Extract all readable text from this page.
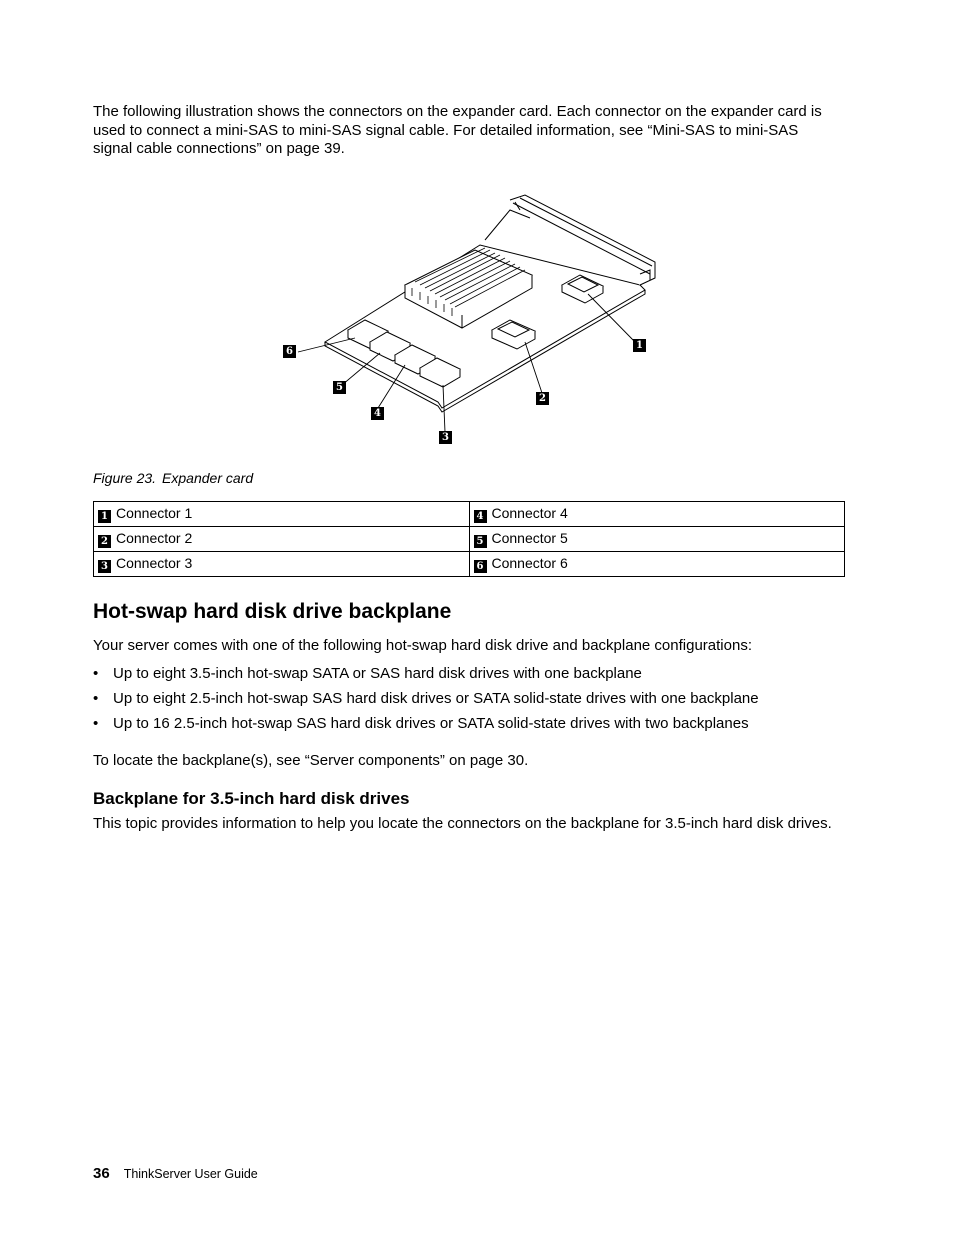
The following illustration shows the connectors on the expander card. Each connector on the expander card is used to connect a mini-SAS to mini-SAS signal cable. For detailed information, see “Mini-SAS to mini-SAS signal cable connections” on page 39.

1
2
3
4
5
6
Figure 23. Expander card
1 Connector 1	4 Connector 4
2 Connector 2	5 Connector 5
3 Connector 3	6 Connector 6
Hot-swap hard disk drive backplane

Your server comes with one of the following hot-swap hard disk drive and backplane configurations:

• Up to eight 3.5-inch hot-swap SATA or SAS hard disk drives with one backplane
• Up to eight 2.5-inch hot-swap SAS hard disk drives or SATA solid-state drives with one backplane
• Up to 16 2.5-inch hot-swap SAS hard disk drives or SATA solid-state drives with two backplanes

To locate the backplane(s), see “Server components” on page 30.

Backplane for 3.5-inch hard disk drives

This topic provides information to help you locate the connectors on the backplane for 3.5-inch hard disk drives.

36 ThinkServer User Guide
